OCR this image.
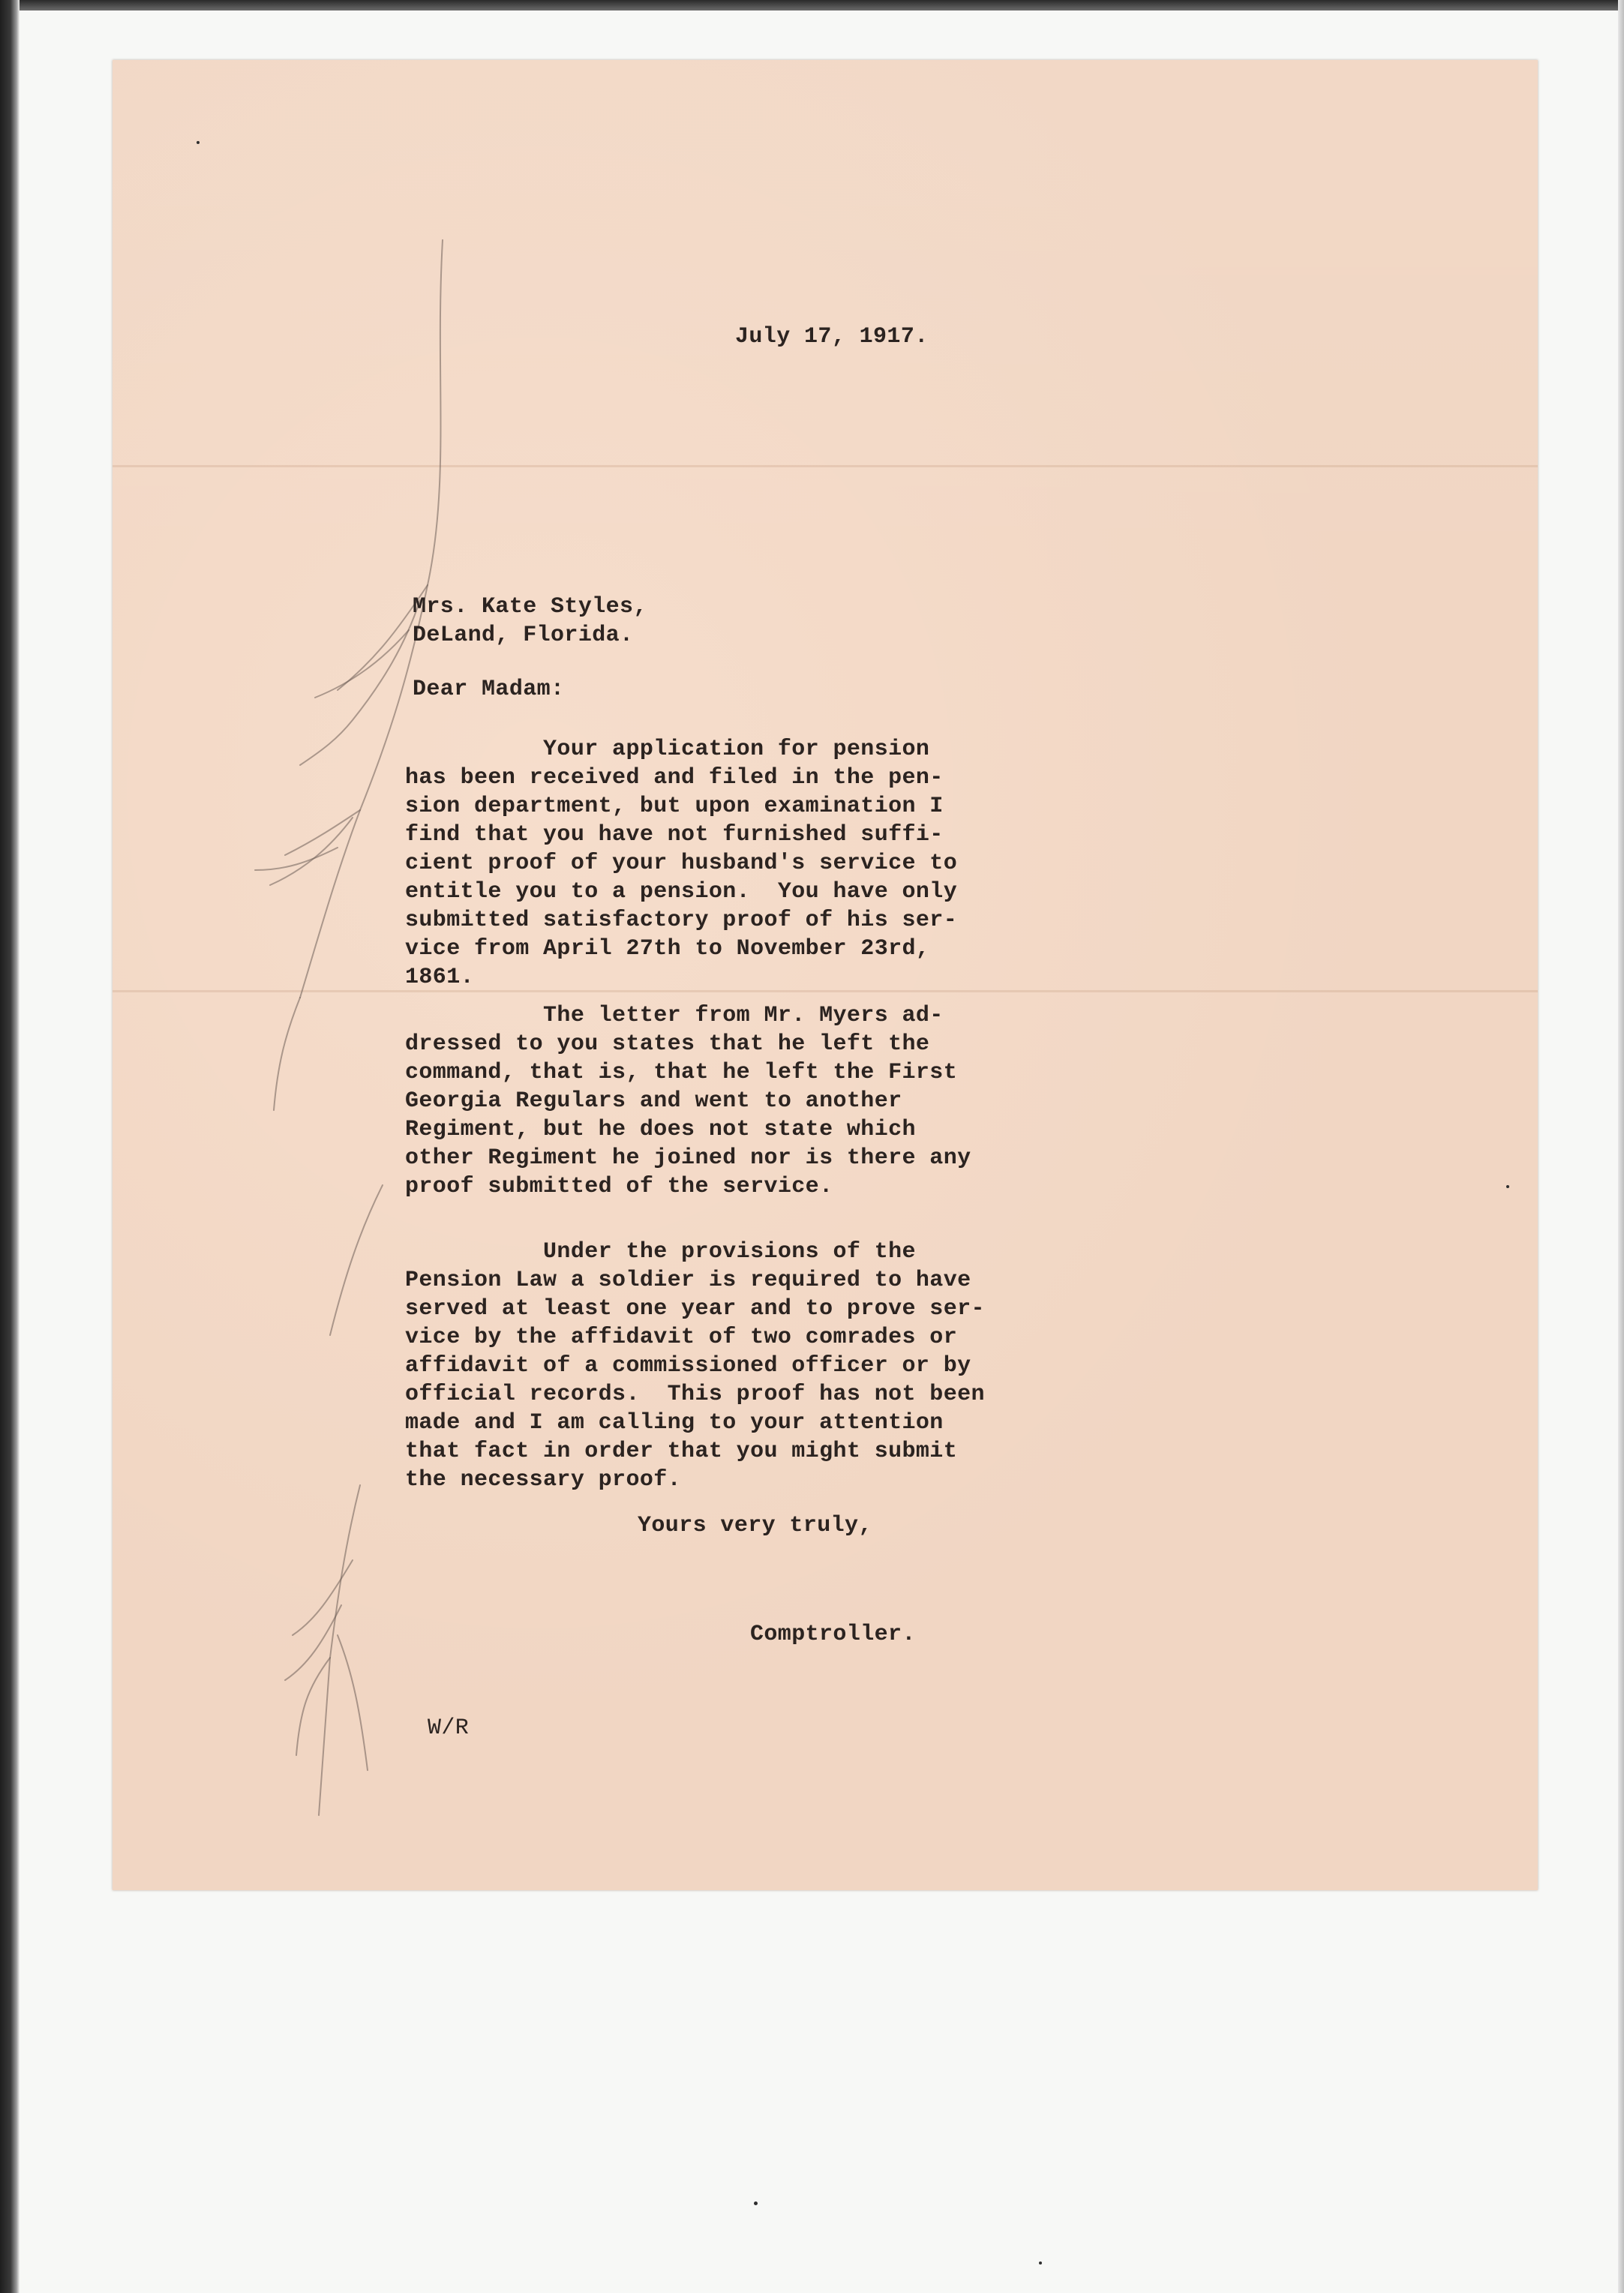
July 17, 1917.
Mrs. Kate Styles,
DeLand, Florida.
Dear Madam:
Your application for pension
has been received and filed in the pen-
sion department, but upon examination I
find that you have not furnished suffi-
cient proof of your husband's service to
entitle you to a pension.  You have only
submitted satisfactory proof of his ser-
vice from April 27th to November 23rd,
1861.
The letter from Mr. Myers ad-
dressed to you states that he left the
command, that is, that he left the First
Georgia Regulars and went to another
Regiment, but he does not state which
other Regiment he joined nor is there any
proof submitted of the service.
Under the provisions of the
Pension Law a soldier is required to have
served at least one year and to prove ser-
vice by the affidavit of two comrades or
affidavit of a commissioned officer or by
official records.  This proof has not been
made and I am calling to your attention
that fact in order that you might submit
the necessary proof.
Yours very truly,
Comptroller.
W/R
